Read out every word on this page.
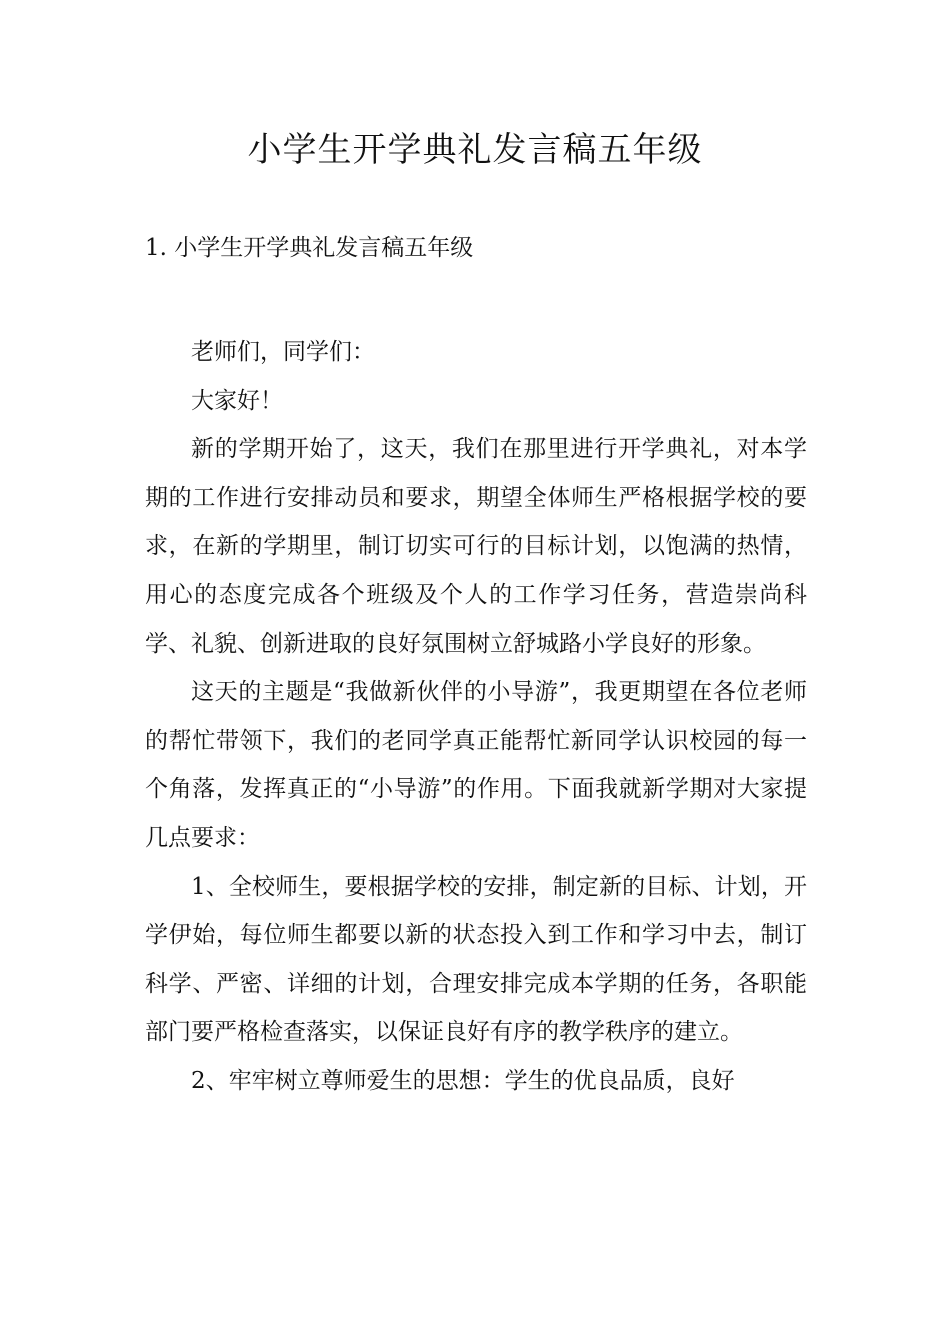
小学生开学典礼发言稿五年级

1. 小学生开学典礼发言稿五年级

老师们，同学们：

大家好！

新的学期开始了，这天，我们在那里进行开学典礼，对本学期的工作进行安排动员和要求，期望全体师生严格根据学校的要求，在新的学期里，制订切实可行的目标计划，以饱满的热情，用心的态度完成各个班级及个人的工作学习任务，营造崇尚科学、礼貌、创新进取的良好氛围树立舒城路小学良好的形象。

这天的主题是“我做新伙伴的小导游”，我更期望在各位老师的帮忙带领下，我们的老同学真正能帮忙新同学认识校园的每一个角落，发挥真正的“小导游”的作用。下面我就新学期对大家提几点要求：

1、全校师生，要根据学校的安排，制定新的目标、计划，开学伊始，每位师生都要以新的状态投入到工作和学习中去，制订科学、严密、详细的计划，合理安排完成本学期的任务，各职能部门要严格检查落实，以保证良好有序的教学秩序的建立。

2、牢牢树立尊师爱生的思想：学生的优良品质，良好
